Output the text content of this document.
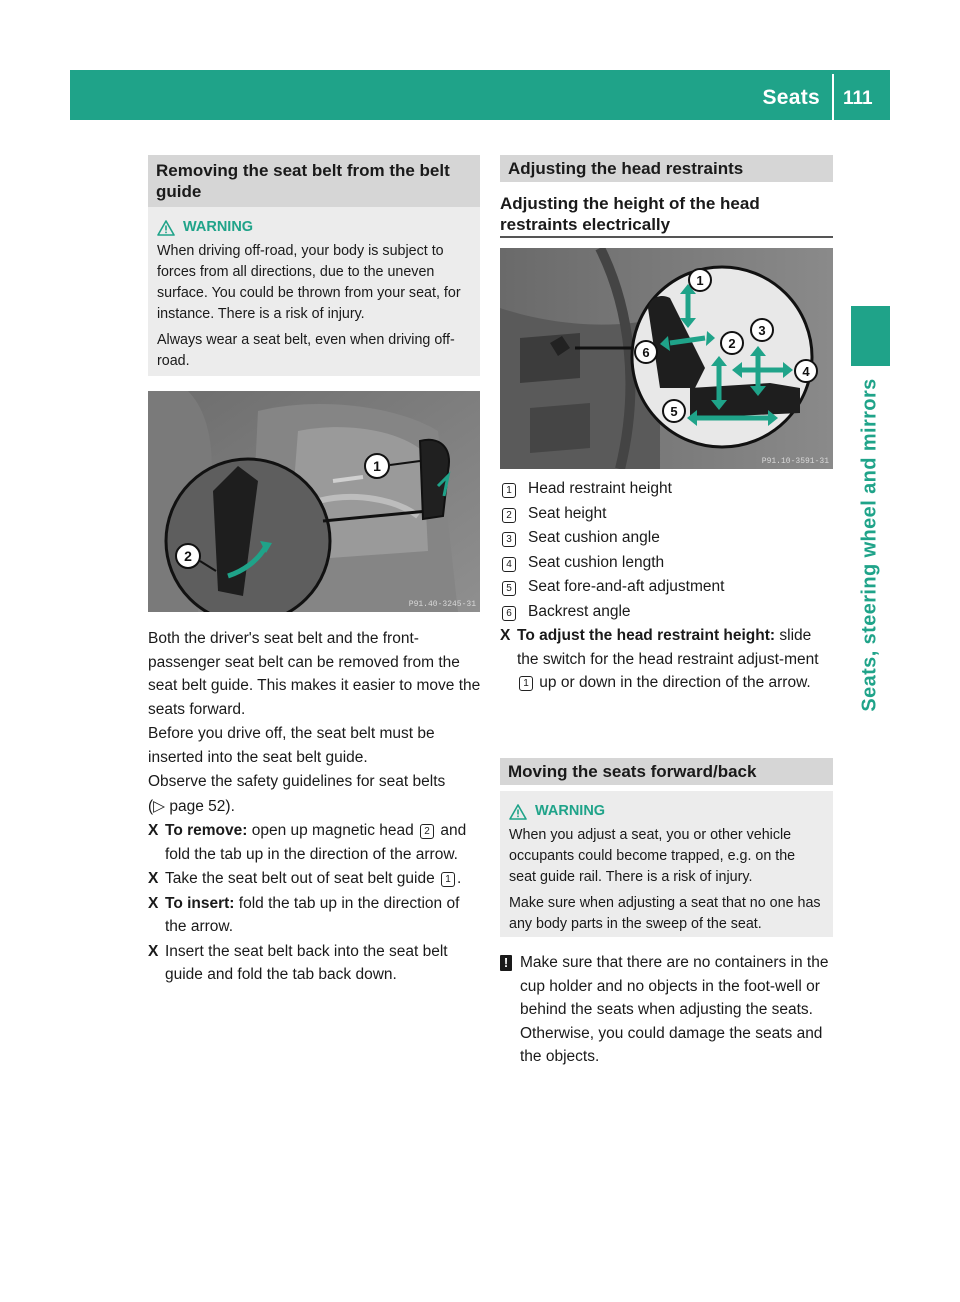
Seats 111
Seats, steering wheel and mirrors
Removing the seat belt from the belt guide
WARNING

When driving off-road, your body is subject to forces from all directions, due to the uneven surface. You could be thrown from your seat, for instance. There is a risk of injury.

Always wear a seat belt, even when driving off-road.

1
2
P91.40-3245-31

Both the driver's seat belt and the front-passenger seat belt can be removed from the seat belt guide. This makes it easier to move the seats forward.

Before you drive off, the seat belt must be inserted into the seat belt guide.

Observe the safety guidelines for seat belts

(▷ page 52).

X To remove: open up magnetic head 2 and fold the tab up in the direction of the arrow.
X Take the seat belt out of seat belt guide 1 .
X To insert: fold the tab up in the direction of the arrow.
X Insert the seat belt back into the seat belt guide and fold the tab back down.
Adjusting the head restraints
Adjusting the height of the head restraints electrically
1
2
3
4
5
6
P91.10-3591-31
1 Head restraint height
2 Seat height
3 Seat cushion angle
4 Seat cushion length
5 Seat fore-and-aft adjustment
6 Backrest angle
X To adjust the head restraint height: slide the switch for the head restraint adjust-ment 1 up or down in the direction of the arrow.
Moving the seats forward/back
WARNING

When you adjust a seat, you or other vehicle occupants could become trapped, e.g. on the seat guide rail. There is a risk of injury.

Make sure when adjusting a seat that no one has any body parts in the sweep of the seat.

! Make sure that there are no containers in the cup holder and no objects in the foot-well or behind the seats when adjusting the seats. Otherwise, you could damage the seats and the objects.
